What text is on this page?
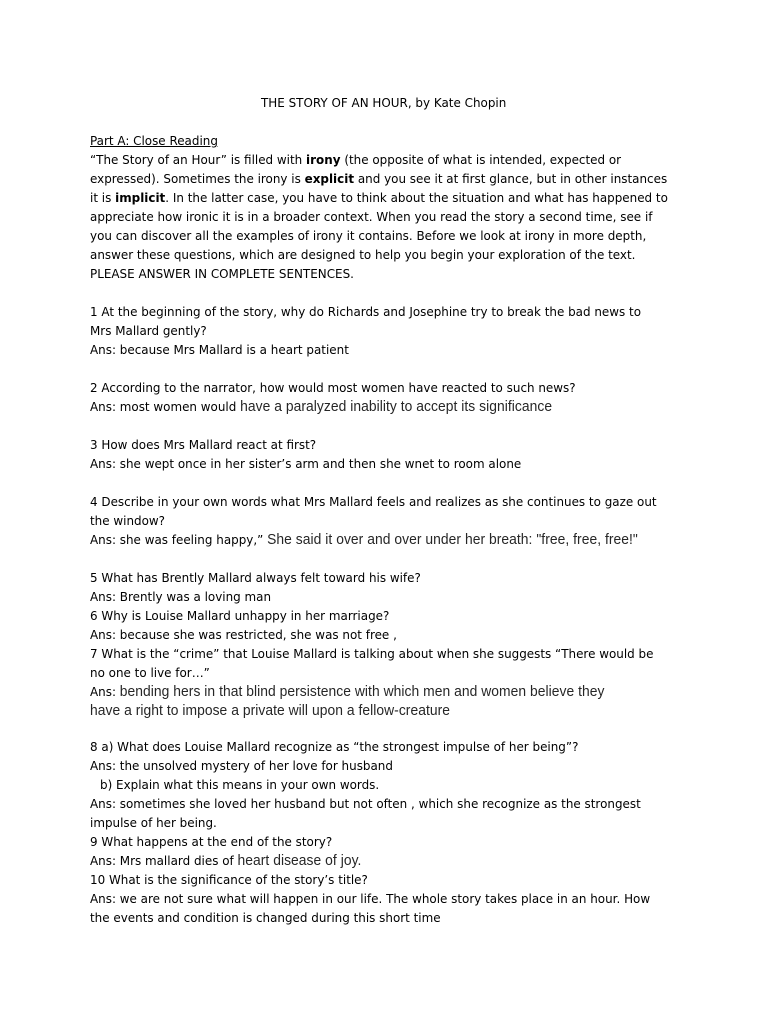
THE STORY OF AN HOUR, by Kate Chopin
Part A: Close Reading
“The Story of an Hour” is filled with irony (the opposite of what is intended, expected or
expressed). Sometimes the irony is explicit and you see it at first glance, but in other instances
it is implicit. In the latter case, you have to think about the situation and what has happened to
appreciate how ironic it is in a broader context. When you read the story a second time, see if
you can discover all the examples of irony it contains. Before we look at irony in more depth,
answer these questions, which are designed to help you begin your exploration of the text.
PLEASE ANSWER IN COMPLETE SENTENCES.
1 At the beginning of the story, why do Richards and Josephine try to break the bad news to
Mrs Mallard gently?
Ans: because Mrs Mallard is a heart patient
2 According to the narrator, how would most women have reacted to such news?
Ans: most women would have a paralyzed inability to accept its significance
3 How does Mrs Mallard react at first?
Ans: she wept once in her sister’s arm and then she wnet to room alone
4 Describe in your own words what Mrs Mallard feels and realizes as she continues to gaze out
the window?
Ans: she was feeling happy,” She said it over and over under her breath: "free, free, free!"
5 What has Brently Mallard always felt toward his wife?
Ans: Brently was a loving man
6 Why is Louise Mallard unhappy in her marriage?
Ans: because she was restricted, she was not free ,
7 What is the “crime” that Louise Mallard is talking about when she suggests “There would be
no one to live for…”
Ans: bending hers in that blind persistence with which men and women believe they
have a right to impose a private will upon a fellow-creature
8 a) What does Louise Mallard recognize as “the strongest impulse of her being”?
Ans: the unsolved mystery of her love for husband
b) Explain what this means in your own words.
Ans: sometimes she loved her husband but not often , which she recognize as the strongest
impulse of her being.
9 What happens at the end of the story?
Ans: Mrs mallard dies of heart disease of joy.
10 What is the significance of the story’s title?
Ans: we are not sure what will happen in our life. The whole story takes place in an hour. How
the events and condition is changed during this short time
